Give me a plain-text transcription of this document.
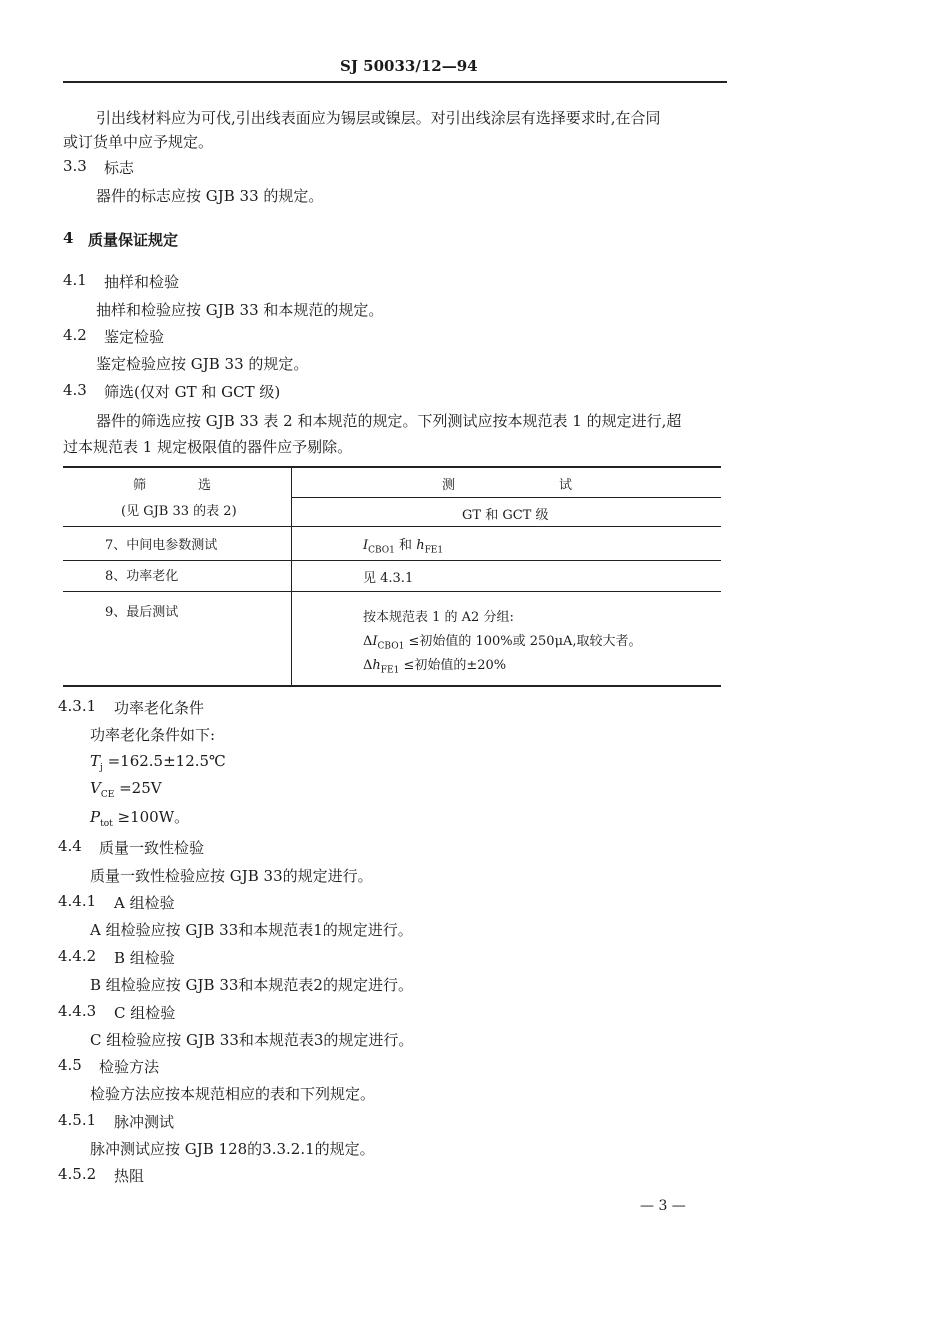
SJ 50033/12—94
引出线材料应为可伐,引出线表面应为锡层或镍层。对引出线涂层有选择要求时,在合同
或订货单中应予规定。
3.3 标志
器件的标志应按 GJB 33 的规定。
4 质量保证规定
4.1 抽样和检验
抽样和检验应按 GJB 33 和本规范的规定。
4.2 鉴定检验
鉴定检验应按 GJB 33 的规定。
4.3 筛选(仅对 GT 和 GCT 级)
器件的筛选应按 GJB 33 表 2 和本规范的规定。下列测试应按本规范表 1 的规定进行,超
过本规范表 1 规定极限值的器件应予剔除。
筛　　　　选
(见 GJB 33 的表 2)
测　　　　　　　　试
GT 和 GCT 级
7、中间电参数测试	$I_{CBO1}$ 和 $h_{FE1}$
8、功率老化	见 4.3.1
9、最后测试	按本规范表 1 的 A2 分组:
$\Delta I_{CBO1}$ ≤初始值的 100%或 250μA,取较大者。
$\Delta h_{FE1}$ ≤初始值的±20%
4.3.1 功率老化条件
功率老化条件如下:
$T_j$ =162.5±12.5℃
$V_{CE} =25V$
$P_{tot} \ge 100W$。
4.4 质量一致性检验
质量一致性检验应按 GJB 33的规定进行。
4.4.1 A 组检验
A 组检验应按 GJB 33和本规范表1的规定进行。
4.4.2 B 组检验
B 组检验应按 GJB 33和本规范表2的规定进行。
4.4.3 C 组检验
C 组检验应按 GJB 33和本规范表3的规定进行。
4.5 检验方法
检验方法应按本规范相应的表和下列规定。
4.5.1 脉冲测试
脉冲测试应按 GJB 128的3.3.2.1的规定。
4.5.2 热阻
— 3 —
